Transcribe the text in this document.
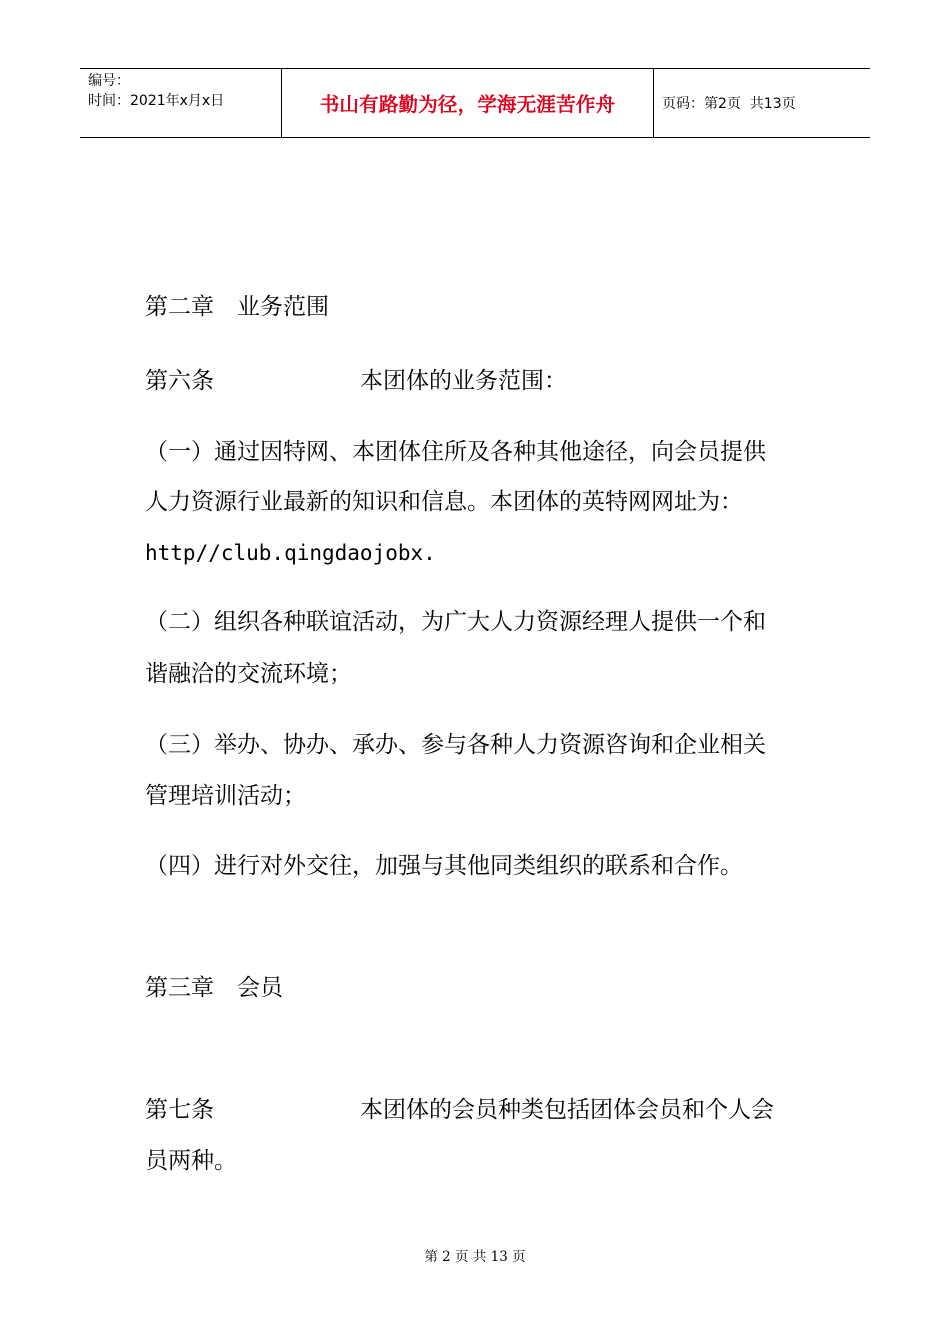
编号：
时间：2021年x月x日	书山有路勤为径，学海无涯苦作舟	页码：第2页  共13页
第二章　业务范围
第六条	本团体的业务范围：
（一）通过因特网、本团体住所及各种其他途径，向会员提供
人力资源行业最新的知识和信息。本团体的英特网网址为：
http//club.qingdaojobx.
（二）组织各种联谊活动，为广大人力资源经理人提供一个和
谐融洽的交流环境；
（三）举办、协办、承办、参与各种人力资源咨询和企业相关
管理培训活动；
（四）进行对外交往，加强与其他同类组织的联系和合作。
第三章　会员
第七条	本团体的会员种类包括团体会员和个人会
员两种。
第 2 页 共 13 页
